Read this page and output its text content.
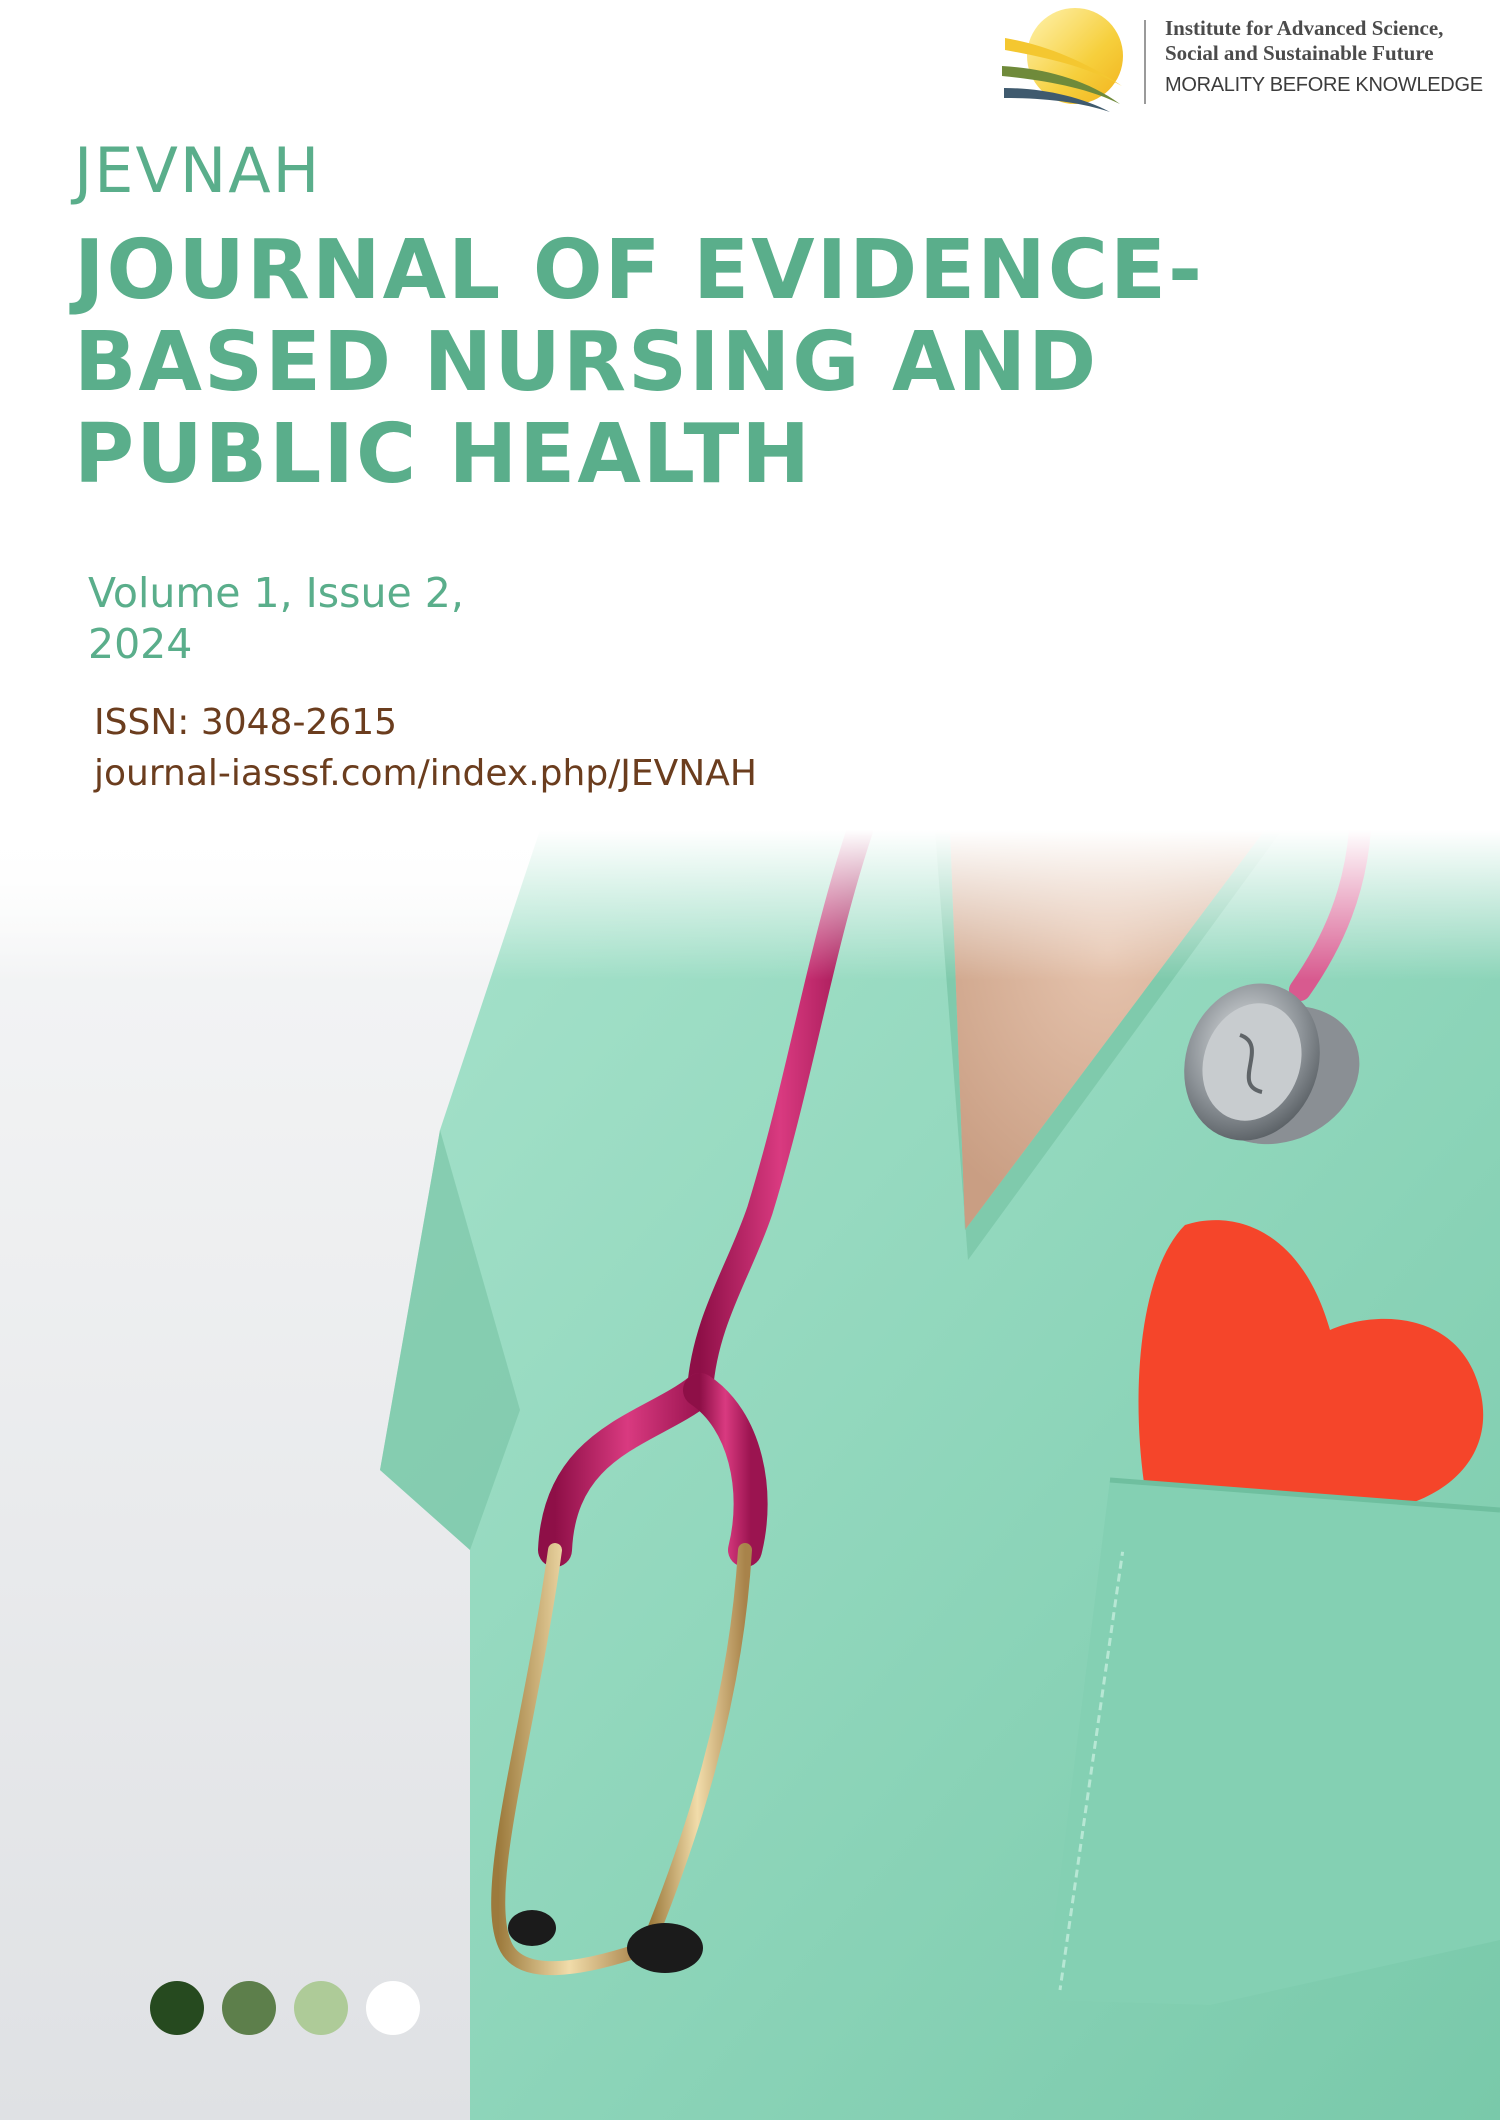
Institute for Advanced Science,
Social and Sustainable Future
MORALITY BEFORE KNOWLEDGE
JEVNAH
JOURNAL OF EVIDENCE-
BASED NURSING AND
PUBLIC HEALTH
Volume 1, Issue 2,
2024
ISSN: 3048-2615
journal-iasssf.com/index.php/JEVNAH
